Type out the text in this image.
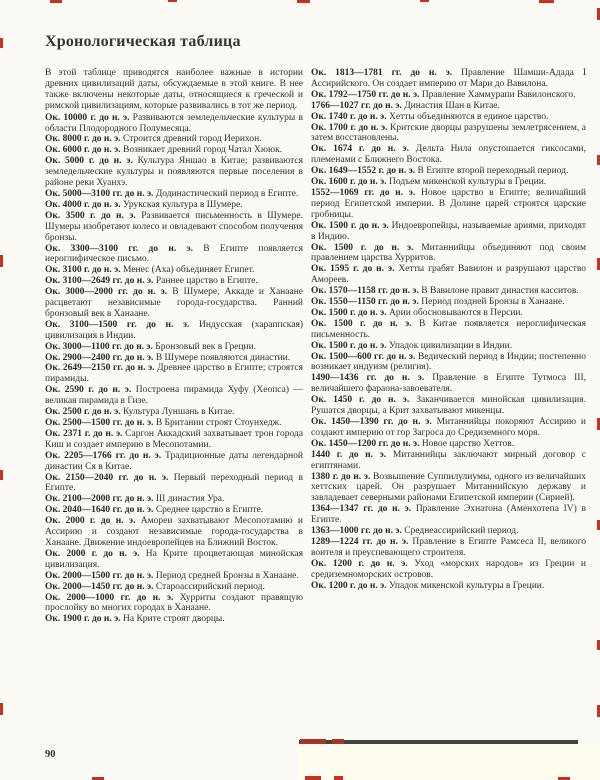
Хронологическая таблица

В этой таблице приводятся наиболее важные в истории древних цивилизаций даты, обсуждаемые в этой книге. В нее также включены некоторые даты, относящиеся к греческой и римской цивилизациям, которые развивались в тот же период.

Ок. 10000 г. до н. э. Развиваются земледельческие культуры в области Плодородного Полумесяца.

Ок. 8000 г. до н. э. Строится древний город Иерихон.

Ок. 6000 г. до н. э. Возникает древний город Чатал Хююк.

Ок. 5000 г. до н. э. Культура Яншао в Китае; развиваются земледельческие культуры и появляются первые поселения в районе реки Хуанхэ.

Ок. 5000—3100 гг. до н. э. Додинастический период в Египте.

Ок. 4000 г. до н. э. Урукская культура в Шумере.

Ок. 3500 г. до н. э. Развивается письменность в Шумере. Шумеры изобретают колесо и овладевают способом получения бронзы.

Ок. 3300—3100 гг. до н. э. В Египте появляется иероглифическое письмо.

Ок. 3100 г. до н. э. Менес (Аха) объединяет Египет.

Ок. 3100—2649 гг. до н. э. Раннее царство в Египте.

Ок. 3000—2000 гг. до н. э. В Шумере, Аккаде и Ханаане расцветают независимые города-государства. Ранний бронзовый век в Ханаане.

Ок. 3100—1500 гг. до н. э. Индусская (хараппская) цивилизация в Индии.

Ок. 3000—1100 гг. до н. э. Бронзовый век в Греции.

Ок. 2900—2400 гг. до н. э. В Шумере появляются династии.

Ок. 2649—2150 гг. до н. э. Древнее царство в Египте; строятся пирамиды.

Ок. 2590 г. до н. э. Построена пирамида Хуфу (Хеопса) — великая пирамида в Гизе.

Ок. 2500 г. до н. э. Культура Луншань в Китае.

Ок. 2500—1500 гг. до н. э. В Британии строят Стоунхедж.

Ок. 2371 г. до н. э. Саргон Аккадский захватывает трон города Киш и создает империю в Месопотамии.

Ок. 2205—1766 гг. до н. э. Традиционные даты легендарной династии Ся в Китае.

Ок. 2150—2040 гг. до н. э. Первый переходный период в Египте.

Ок. 2100—2000 гг. до н. э. III династия Ура.

Ок. 2040—1640 гг. до н. э. Среднее царство в Египте.

Ок. 2000 г. до н. э. Амореи захватывают Месопотамию и Ассирию и создают независимые города-государства в Ханаане. Движение индоевропейцев на Ближний Восток.

Ок. 2000 г. до н. э. На Крите процветающая минойская цивилизация.

Ок. 2000—1500 гг. до н. э. Период средней Бронзы в Ханаане.

Ок. 2000—1450 гг. до н. э. Староассирийский период.

Ок. 2000—1000 гг. до н. э. Хурриты создают правящую прослойку во многих городах в Ханаане.

Ок. 1900 г. до н. э. На Крите строят дворцы.

Ок. 1813—1781 гг. до н. э. Правление Шамши-Адада I Ассирийского. Он создает империю от Мари до Вавилона.

Ок. 1792—1750 гг. до н. э. Правление Хаммурапи Вавилонского.

1766—1027 гг. до н. э. Династия Шан в Китае.

Ок. 1740 г. до н. э. Хетты объединяются в единое царство.

Ок. 1700 г. до н. э. Критские дворцы разрушены землетрясением, а затем восстановлены.

Ок. 1674 г. до н. э. Дельта Нила опустошается гиксосами, племенами с Ближнего Востока.

Ок. 1649—1552 г. до н. э. В Египте второй переходный период.

Ок. 1600 г. до н. э. Подъем микенской культуры в Греции.

1552—1069 гг. до н. э. Новое царство в Египте; величайший период Египетской империи. В Долине царей строятся царские гробницы.

Ок. 1500 г. до н. э. Индоевропейцы, называемые ариями, приходят в Индию.

Ок. 1500 г. до н. э. Митаннийцы объединяют под своим правлением царства Хурритов.

Ок. 1595 г. до н. э. Хетты грабят Вавилон и разрушают царство Амореев.

Ок. 1570—1158 гг. до н. э. В Вавилоне правит династия касситов.

Ок. 1550—1150 гг. до н. э. Период поздней Бронзы в Ханаане.

Ок. 1500 г. до н. э. Арии обосновываются в Персии.

Ок. 1500 г. до н. э. В Китае появляется иероглифическая письменность.

Ок. 1500 г. до н. э. Упадок цивилизации в Индии.

Ок. 1500—600 гг. до н. э. Ведический период в Индии; постепенно возникает индуизм (религия).

1490—1436 гг. до н. э. Правление в Египте Тутмоса III, величайшего фараона-завоевателя.

Ок. 1450 г. до н. э. Заканчивается минойская цивилизация. Рушатся дворцы, а Крит захватывают микенцы.

Ок. 1450—1390 гг. до н. э. Митаннийцы покоряют Ассирию и создают империю от гор Загроса до Средиземного моря.

Ок. 1450—1200 гг. до н. э. Новое царство Хеттов.

1440 г. до н. э. Митаннийцы заключают мирный договор с египтянами.

1380 г. до н. э. Возвышение Суппилулиумы, одного из величайших хеттских царей. Он разрушает Митаннийскую державу и завладевает северными районами Египетской империи (Сирией).

1364—1347 гг. до н. э. Правление Эхнатона (Аменхотепа IV) в Египте.

1363—1000 гг. до н. э. Среднеассирийский период.

1289—1224 гг. до н. э. Правление в Египте Рамсеса II, великого воителя и преуспевающего строителя.

Ок. 1200 г. до н. э. Уход «морских народов» из Греции и средиземноморских островов.

Ок. 1200 г. до н. э. Упадок микенской культуры в Греции.

90
